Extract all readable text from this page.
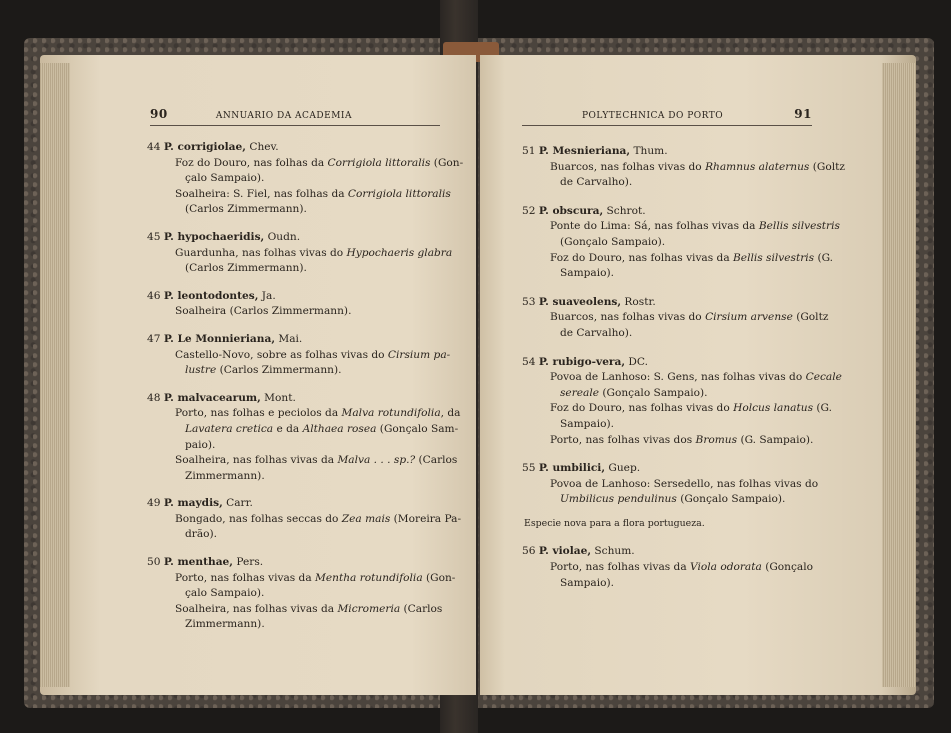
90	ANNUARIO DA ACADEMIA
44 P. corrigiolae, Chev.
Foz do Douro, nas folhas da Corrigiola littoralis (Gon-
çalo Sampaio).
Soalheira: S. Fiel, nas folhas da Corrigiola littoralis
(Carlos Zimmermann).
45 P. hypochaeridis, Oudn.
Guardunha, nas folhas vivas do Hypochaeris glabra
(Carlos Zimmermann).
46 P. leontodontes, Ja.
Soalheira (Carlos Zimmermann).
47 P. Le Monnieriana, Mai.
Castello-Novo, sobre as folhas vivas do Cirsium pa-
lustre (Carlos Zimmermann).
48 P. malvacearum, Mont.
Porto, nas folhas e peciolos da Malva rotundifolia, da
Lavatera cretica e da Althaea rosea (Gonçalo Sam-
paio).
Soalheira, nas folhas vivas da Malva . . . sp.? (Carlos
Zimmermann).
49 P. maydis, Carr.
Bongado, nas folhas seccas do Zea mais (Moreira Pa-
drão).
50 P. menthae, Pers.
Porto, nas folhas vivas da Mentha rotundifolia (Gon-
çalo Sampaio).
Soalheira, nas folhas vivas da Micromeria (Carlos
Zimmermann).
POLYTECHNICA DO PORTO	91
51 P. Mesnieriana, Thum.
Buarcos, nas folhas vivas do Rhamnus alaternus (Goltz
de Carvalho).
52 P. obscura, Schrot.
Ponte do Lima: Sá, nas folhas vivas da Bellis silvestris
(Gonçalo Sampaio).
Foz do Douro, nas folhas vivas da Bellis silvestris (G.
Sampaio).
53 P. suaveolens, Rostr.
Buarcos, nas folhas vivas do Cirsium arvense (Goltz
de Carvalho).
54 P. rubigo-vera, DC.
Povoa de Lanhoso: S. Gens, nas folhas vivas do Cecale
sereale (Gonçalo Sampaio).
Foz do Douro, nas folhas vivas do Holcus lanatus (G.
Sampaio).
Porto, nas folhas vivas dos Bromus (G. Sampaio).
55 P. umbilici, Guep.
Povoa de Lanhoso: Sersedello, nas folhas vivas do
Umbilicus pendulinus (Gonçalo Sampaio).
Especie nova para a flora portugueza.
56 P. violae, Schum.
Porto, nas folhas vivas da Viola odorata (Gonçalo
Sampaio).
